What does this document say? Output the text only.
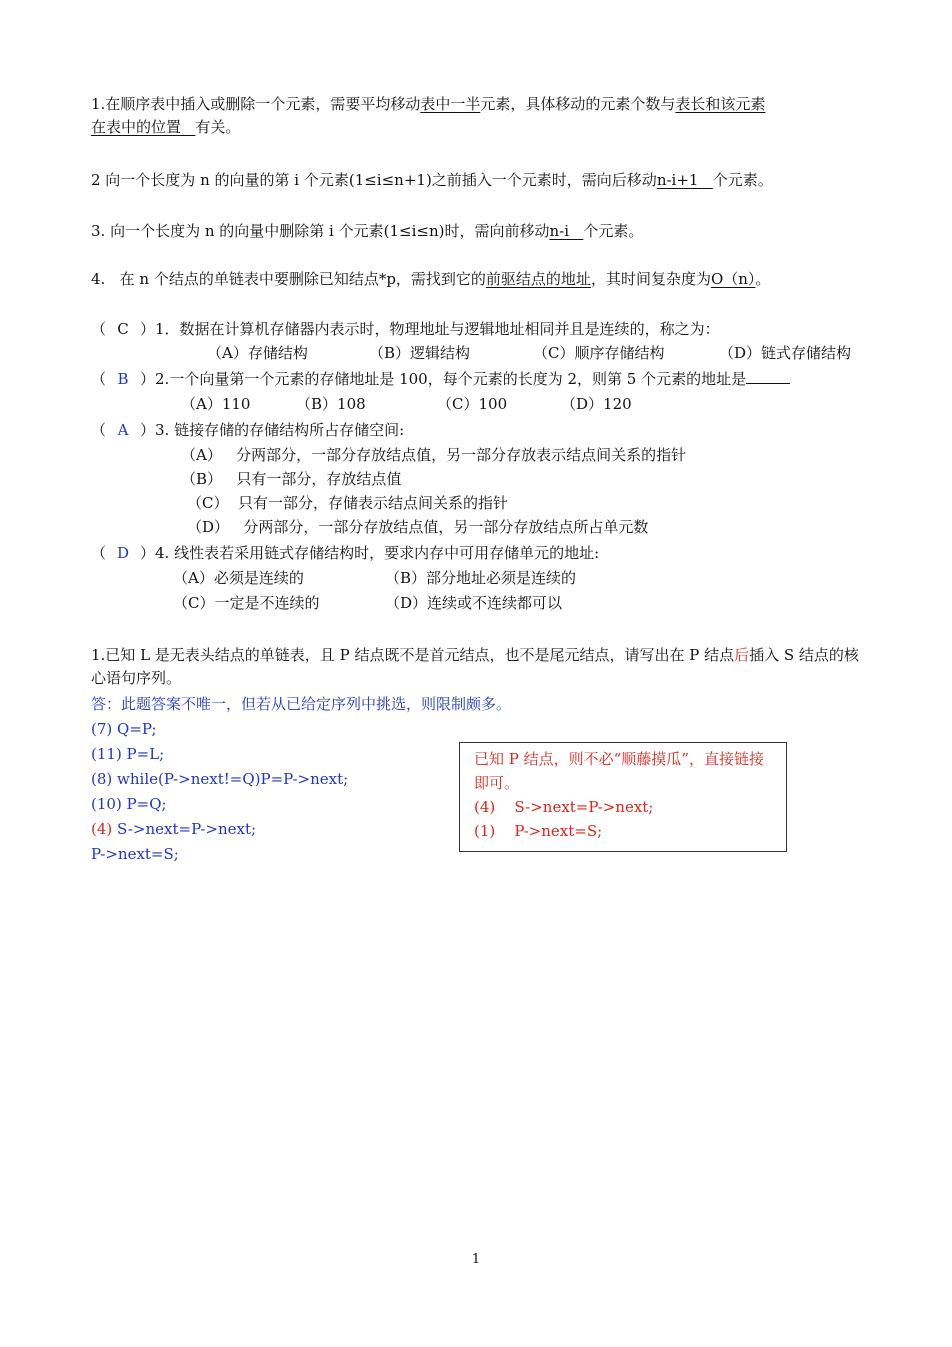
1.在顺序表中插入或删除一个元素，需要平均移动表中一半元素，具体移动的元素个数与表长和该元素
在表中的位置 有关。
2 向一个长度为 n 的向量的第 i 个元素(1≤i≤n+1)之前插入一个元素时，需向后移动n-i+1 个元素。
3. 向一个长度为 n 的向量中删除第 i 个元素(1≤i≤n)时，需向前移动n-i 个元素。
4.   在 n 个结点的单链表中要删除已知结点*p，需找到它的前驱结点的地址，其时间复杂度为O（n）。
（ C ）1．数据在计算机存储器内表示时，物理地址与逻辑地址相同并且是连续的，称之为：
（A）存储结构	（B）逻辑结构	（C）顺序存储结构	（D）链式存储结构
（ B ）2.一个向量第一个元素的存储地址是 100，每个元素的长度为 2，则第 5 个元素的地址是
（A）110	（B）108	（C）100	（D）120
（ A ）3. 链接存储的存储结构所占存储空间:
（A）   分两部分，一部分存放结点值，另一部分存放表示结点间关系的指针
（B）   只有一部分，存放结点值
（C）  只有一部分，存储表示结点间关系的指针
（D）   分两部分，一部分存放结点值，另一部分存放结点所占单元数
（ D ）4. 线性表若采用链式存储结构时，要求内存中可用存储单元的地址:
（A）必须是连续的	（B）部分地址必须是连续的
（C）一定是不连续的	（D）连续或不连续都可以
1.已知 L 是无表头结点的单链表，且 P 结点既不是首元结点，也不是尾元结点，请写出在 P 结点后插入 S 结点的核心语句序列。
答：此题答案不唯一，但若从已给定序列中挑选，则限制颇多。
(7) Q=P;
(11) P=L;
(8) while(P->next!=Q)P=P->next;
(10) P=Q;
(4) S->next=P->next;
P->next=S;
已知 P 结点，则不必“顺藤摸瓜”，直接链接即可。
(4)    S->next=P->next;
(1)    P->next=S;
1
